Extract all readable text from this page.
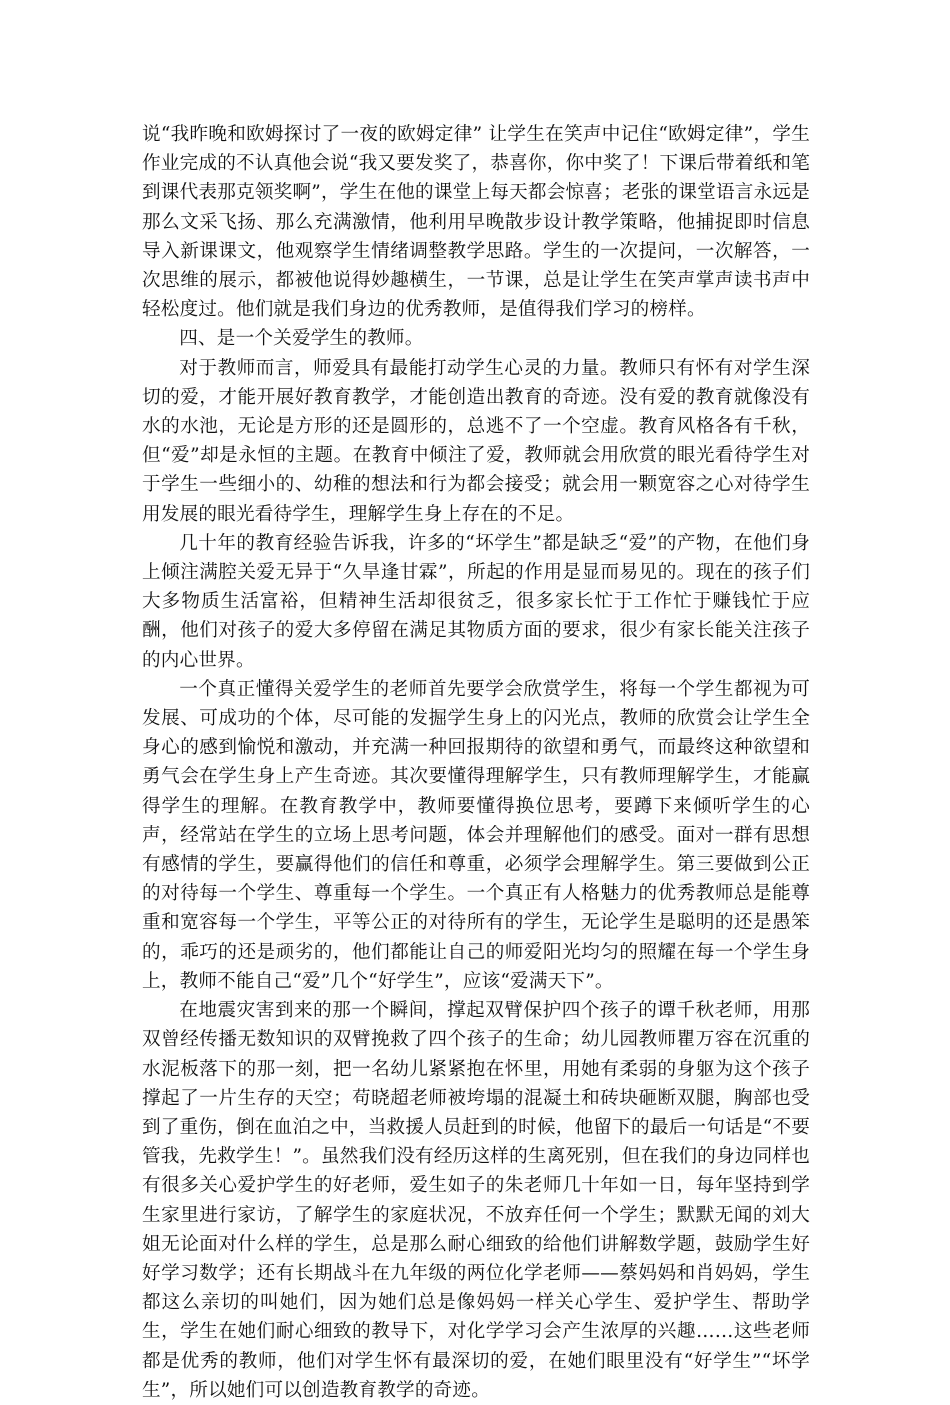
说“我昨晚和欧姆探讨了一夜的欧姆定律” 让学生在笑声中记住“欧姆定律”，学生作业完成的不认真他会说“我又要发奖了，恭喜你，你中奖了！下课后带着纸和笔到课代表那克领奖啊”，学生在他的课堂上每天都会惊喜；老张的课堂语言永远是那么文采飞扬、那么充满激情，他利用早晚散步设计教学策略，他捕捉即时信息导入新课课文，他观察学生情绪调整教学思路。学生的一次提问，一次解答，一次思维的展示，都被他说得妙趣横生，一节课，总是让学生在笑声掌声读书声中轻松度过。他们就是我们身边的优秀教师，是值得我们学习的榜样。

四、是一个关爱学生的教师。

对于教师而言，师爱具有最能打动学生心灵的力量。教师只有怀有对学生深切的爱，才能开展好教育教学，才能创造出教育的奇迹。没有爱的教育就像没有水的水池，无论是方形的还是圆形的，总逃不了一个空虚。教育风格各有千秋，但“爱”却是永恒的主题。在教育中倾注了爱，教师就会用欣赏的眼光看待学生对于学生一些细小的、幼稚的想法和行为都会接受；就会用一颗宽容之心对待学生用发展的眼光看待学生，理解学生身上存在的不足。

几十年的教育经验告诉我，许多的“坏学生”都是缺乏“爱”的产物，在他们身上倾注满腔关爱无异于“久旱逢甘霖”，所起的作用是显而易见的。现在的孩子们大多物质生活富裕，但精神生活却很贫乏，很多家长忙于工作忙于赚钱忙于应酬，他们对孩子的爱大多停留在满足其物质方面的要求，很少有家长能关注孩子的内心世界。

一个真正懂得关爱学生的老师首先要学会欣赏学生，将每一个学生都视为可发展、可成功的个体，尽可能的发掘学生身上的闪光点，教师的欣赏会让学生全身心的感到愉悦和激动，并充满一种回报期待的欲望和勇气，而最终这种欲望和勇气会在学生身上产生奇迹。其次要懂得理解学生，只有教师理解学生，才能赢得学生的理解。在教育教学中，教师要懂得换位思考，要蹲下来倾听学生的心声，经常站在学生的立场上思考问题，体会并理解他们的感受。面对一群有思想有感情的学生，要赢得他们的信任和尊重，必须学会理解学生。第三要做到公正的对待每一个学生、尊重每一个学生。一个真正有人格魅力的优秀教师总是能尊重和宽容每一个学生，平等公正的对待所有的学生，无论学生是聪明的还是愚笨的，乖巧的还是顽劣的，他们都能让自己的师爱阳光均匀的照耀在每一个学生身上，教师不能自己“爱”几个“好学生”，应该“爱满天下”。

在地震灾害到来的那一个瞬间，撑起双臂保护四个孩子的谭千秋老师，用那双曾经传播无数知识的双臂挽救了四个孩子的生命；幼儿园教师瞿万容在沉重的水泥板落下的那一刻，把一名幼儿紧紧抱在怀里，用她有柔弱的身躯为这个孩子撑起了一片生存的天空；苟晓超老师被垮塌的混凝土和砖块砸断双腿，胸部也受到了重伤，倒在血泊之中，当救援人员赶到的时候，他留下的最后一句话是“不要管我，先救学生！”。虽然我们没有经历这样的生离死别，但在我们的身边同样也有很多关心爱护学生的好老师，爱生如子的朱老师几十年如一日，每年坚持到学生家里进行家访，了解学生的家庭状况，不放弃任何一个学生；默默无闻的刘大姐无论面对什么样的学生，总是那么耐心细致的给他们讲解数学题，鼓励学生好好学习数学；还有长期战斗在九年级的两位化学老师——蔡妈妈和肖妈妈，学生都这么亲切的叫她们，因为她们总是像妈妈一样关心学生、爱护学生、帮助学生，学生在她们耐心细致的教导下，对化学学习会产生浓厚的兴趣……这些老师都是优秀的教师，他们对学生怀有最深切的爱，在她们眼里没有“好学生”“坏学生”，所以她们可以创造教育教学的奇迹。
